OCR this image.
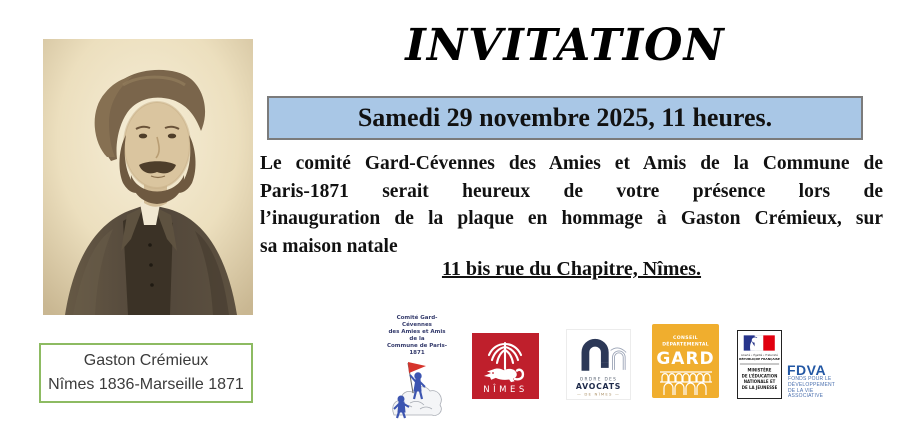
Gaston Crémieux
Nîmes 1836-Marseille 1871
INVITATION
Samedi 29 novembre 2025, 11 heures.
Le comité Gard-Cévennes des Amies et Amis de la Commune de
Paris-1871 serait heureux de votre présence lors de
l’inauguration de la plaque en hommage à Gaston Crémieux, sur
sa maison natale
11 bis rue du Chapitre, Nîmes.
Comité Gard-Cévennes
des Amies et Amis de la
Commune de Paris-1871
NÎMES
ORDRE DES
AVOCATS
— DE NÎMES —
CONSEIL
DÉPARTEMENTAL
GARD	Liberté • Égalité • Fraternité
RÉPUBLIQUE FRANÇAISE
MINISTÈRE
DE L’ÉDUCATION
NATIONALE ET
DE LA JEUNESSE
FDVA
FONDS POUR LE
DÉVELOPPEMENT
DE LA VIE
ASSOCIATIVE
